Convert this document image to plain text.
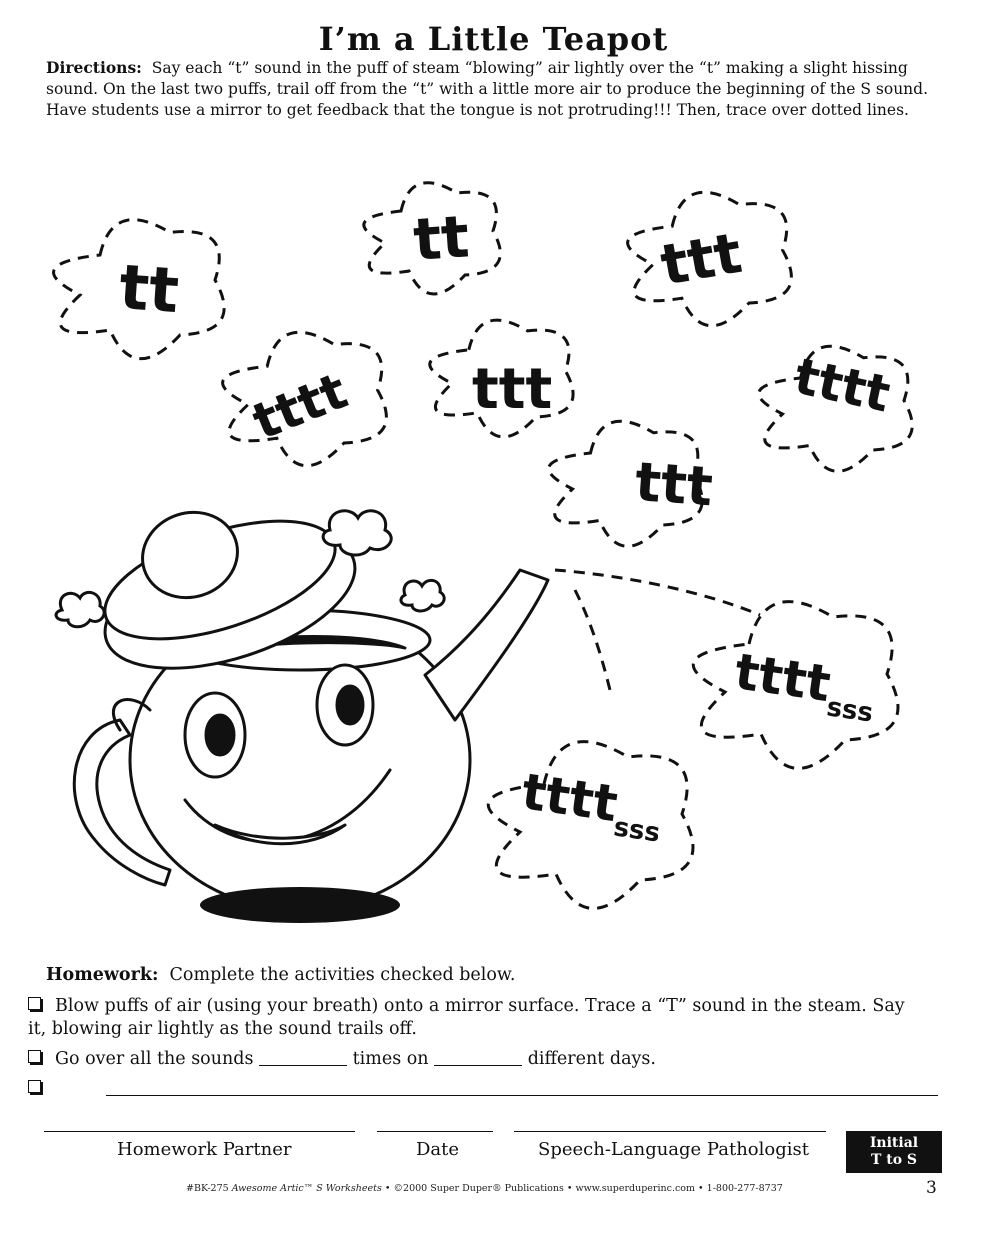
I’m a Little Teapot
Directions: Say each “t” sound in the puff of steam “blowing” air lightly over the “t” making a slight hissing sound. On the last two puffs, trail off from the “t” with a little more air to produce the beginning of the S sound. Have students use a mirror to get feedback that the tongue is not protruding!!! Then, trace over dotted lines.
tt
tt	ttt
tttt ttt	tttt
ttt
tttt$_{sss}$
tttt$_{sss}$
Homework: Complete the activities checked below.
Blow puffs of air (using your breath) onto a mirror surface. Trace a “T” sound in the steam. Say it, blowing air lightly as the sound trails off.
Go over all the sounds	times on	different days.
Homework Partner	Date	Speech-Language Pathologist	Initial
T to S
#BK-275 Awesome Artic™ S Worksheets • ©2000 Super Duper® Publications • www.superduperinc.com • 1-800-277-8737	3
